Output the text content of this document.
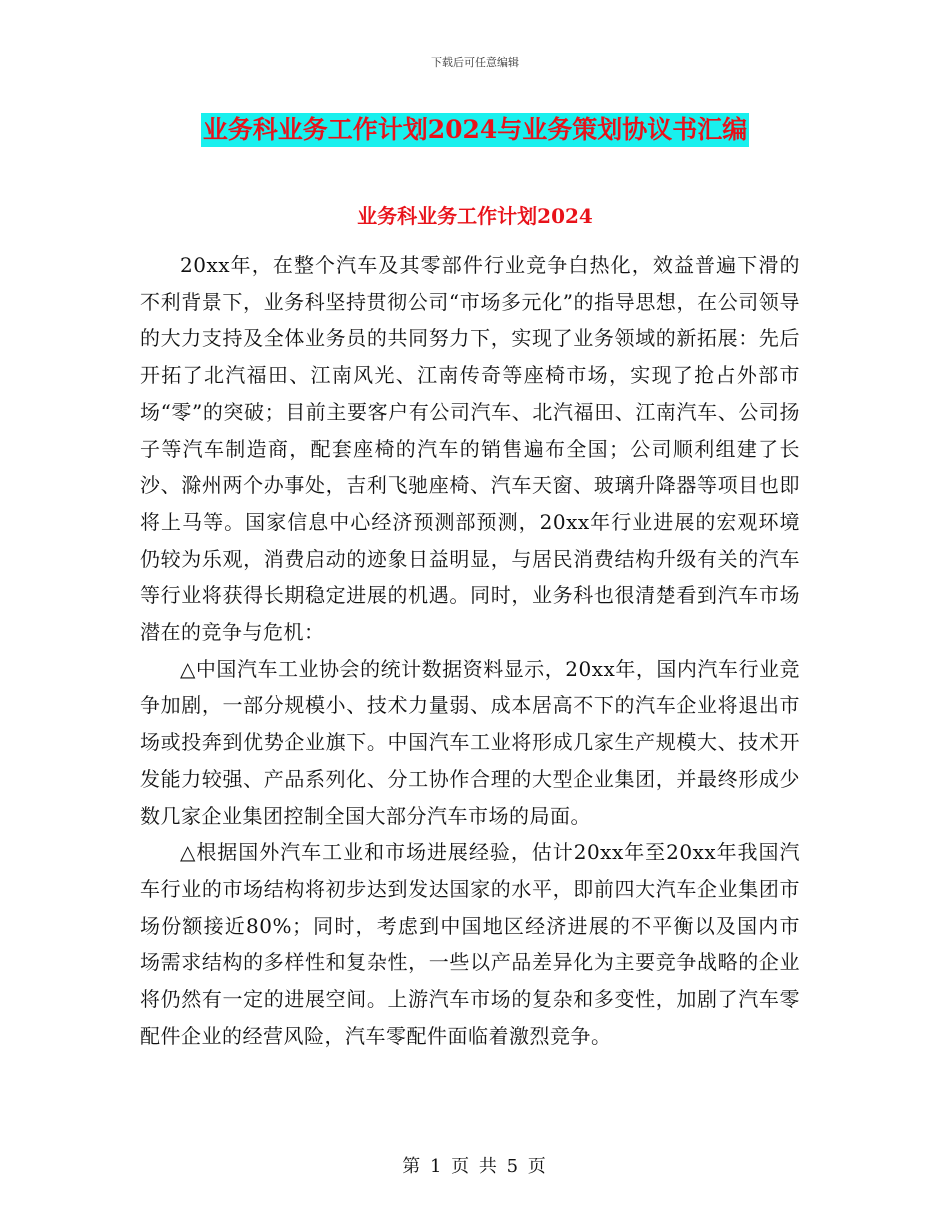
下载后可任意编辑
业务科业务工作计划2024与业务策划协议书汇编
业务科业务工作计划2024

20xx年，在整个汽车及其零部件行业竞争白热化，效益普遍下滑的不利背景下，业务科坚持贯彻公司“市场多元化”的指导思想，在公司领导的大力支持及全体业务员的共同努力下，实现了业务领域的新拓展：先后开拓了北汽福田、江南风光、江南传奇等座椅市场，实现了抢占外部市场“零”的突破；目前主要客户有公司汽车、北汽福田、江南汽车、公司扬子等汽车制造商，配套座椅的汽车的销售遍布全国；公司顺利组建了长沙、滁州两个办事处，吉利飞驰座椅、汽车天窗、玻璃升降器等项目也即将上马等。国家信息中心经济预测部预测，20xx年行业进展的宏观环境仍较为乐观，消费启动的迹象日益明显，与居民消费结构升级有关的汽车等行业将获得长期稳定进展的机遇。同时，业务科也很清楚看到汽车市场潜在的竞争与危机：

△中国汽车工业协会的统计数据资料显示，20xx年，国内汽车行业竞争加剧，一部分规模小、技术力量弱、成本居高不下的汽车企业将退出市场或投奔到优势企业旗下。中国汽车工业将形成几家生产规模大、技术开发能力较强、产品系列化、分工协作合理的大型企业集团，并最终形成少数几家企业集团控制全国大部分汽车市场的局面。

△根据国外汽车工业和市场进展经验，估计20xx年至20xx年我国汽车行业的市场结构将初步达到发达国家的水平，即前四大汽车企业集团市场份额接近80%；同时，考虑到中国地区经济进展的不平衡以及国内市场需求结构的多样性和复杂性，一些以产品差异化为主要竞争战略的企业将仍然有一定的进展空间。上游汽车市场的复杂和多变性，加剧了汽车零配件企业的经营风险，汽车零配件面临着激烈竞争。

第 1 页 共 5 页
